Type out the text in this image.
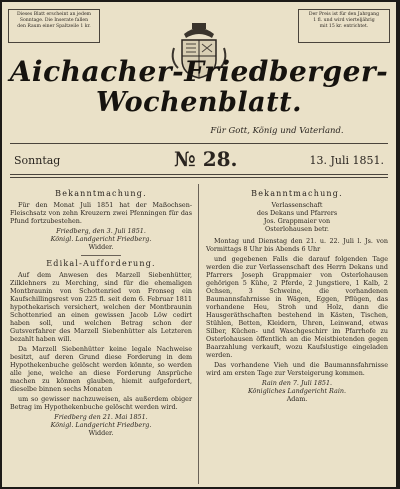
Dieses Blatt erscheint an jedem
Sonntage. Die Inserate fallen
den Raum einer Spaltzeile 1 kr.
Der Preis ist für den Jahrgang
1 fl. und wird vierteljährig
mit 15 kr. entrichtet.
Aichacher-Friedberger-
Wochenblatt.
Für Gott, König und Vaterland.
Sonntag	№ 28.	13. Juli 1851.
Bekanntmachung.

Für den Monat Juli 1851 hat der Maßochsen-Fleischsatz von zehn Kreuzern zwei Pfenningen für das Pfund fortzubestehen.

Friedberg, den 3. Juli 1851.
Königl. Landgericht Friedberg.
Widder.
Edikal-Aufforderung.

Auf dem Anwesen des Marzell Siebenhütter, Zilklehners zu Merching, sind für die ehemaligen Montbraunin von Schottenried von Fronseg ein Kaufschillingsrest von 225 fl. seit dem 6. Februar 1811 hypothekarisch versichert, welchen der Montbraunin Schottenried an einen gewissen Jacob Löw cedirt haben soll, und welchen Betrag schon der Gutsverfahrer des Marzell Siebenhütter als Letzteren bezahlt haben will.

Da Marzell Siebenhütter keine legale Nachweise besitzt, auf deren Grund diese Forderung in dem Hypothekenbuche gelöscht werden könnte, so werden alle jene, welche an diese Forderung Ansprüche machen zu können glauben, hiemit aufgefordert, dieselbe binnen sechs Monaten

um so gewisser nachzuweisen, als außerdem obiger Betrag im Hypothekenbuche gelöscht werden wird.

Friedberg den 21. Mai 1851.
Königl. Landgericht Friedberg.
Widder.
Bekanntmachung.
Verlassenschaft
des Dekans und Pfarrers
Jos. Grappmaier von
Osterlohausen betr.

Montag und Dienstag den 21. u. 22. Juli l. Js. von Vormittags 8 Uhr bis Abends 6 Uhr

und gegebenen Falls die darauf folgenden Tage werden die zur Verlassenschaft des Herrn Dekans und Pfarrers Joseph Grappmaier von Osterlohausen gehörigen 5 Kühe, 2 Pferde, 2 Jungstiere, 1 Kalb, 2 Ochsen, 3 Schweine, die vorhandenen Baumannsfahrnisse in Wägen, Eggen, Pflügen, das vorhandene Heu, Stroh und Holz, dann die Hausgeräthschaften bestehend in Kästen, Tischen, Stühlen, Betten, Kleidern, Uhren, Leinwand, etwas Silber, Küchen- und Waschgeschirr im Pfarrhofe zu Osterlohausen öffentlich an die Meistbietenden gegen Baarzahlung verkauft, wozu Kaufslustige eingeladen werden.

Das vorhandene Vieh und die Baumannsfahrnisse wird am ersten Tage zur Versteigerung kommen.

Rain den 7. Juli 1851.
Königliches Landgericht Rain.
Adam.
